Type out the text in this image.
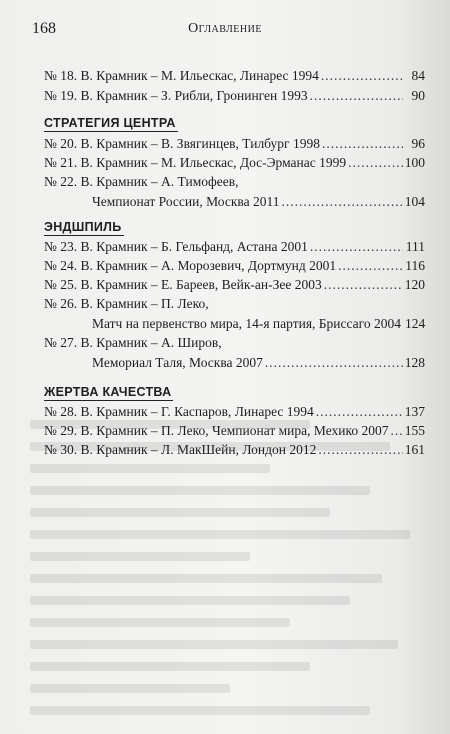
168	Оглавление
№ 18. В. Крамник – М. Ильескас, Линарес 1994 .....	84
№ 19. В. Крамник – З. Рибли, Гронинген 1993 .....	90
СТРАТЕГИЯ ЦЕНТРА
№ 20. В. Крамник – В. Звягинцев, Тилбург 1998 .....	96
№ 21. В. Крамник – М. Ильескас, Дос-Эрманас 1999 .....	100
№ 22. В. Крамник – А. Тимофеев,
Чемпионат России, Москва 2011 .....	104
ЭНДШПИЛЬ
№ 23. В. Крамник – Б. Гельфанд, Астана 2001 .....	111
№ 24. В. Крамник – А. Морозевич, Дортмунд 2001 .....	116
№ 25. В. Крамник – Е. Бареев, Вейк-ан-Зее 2003 .....	120
№ 26. В. Крамник – П. Леко,
Матч на первенство мира, 14-я партия, Бриссаго 2004 124
№ 27. В. Крамник – А. Широв,
Мемориал Таля, Москва 2007 .....	128
ЖЕРТВА КАЧЕСТВА
№ 28. В. Крамник – Г. Каспаров, Линарес 1994 .....	137
№ 29. В. Крамник – П. Леко, Чемпионат мира, Мехико 2007 ..... 155
№ 30. В. Крамник – Л. МакШейн, Лондон 2012 .....	161
